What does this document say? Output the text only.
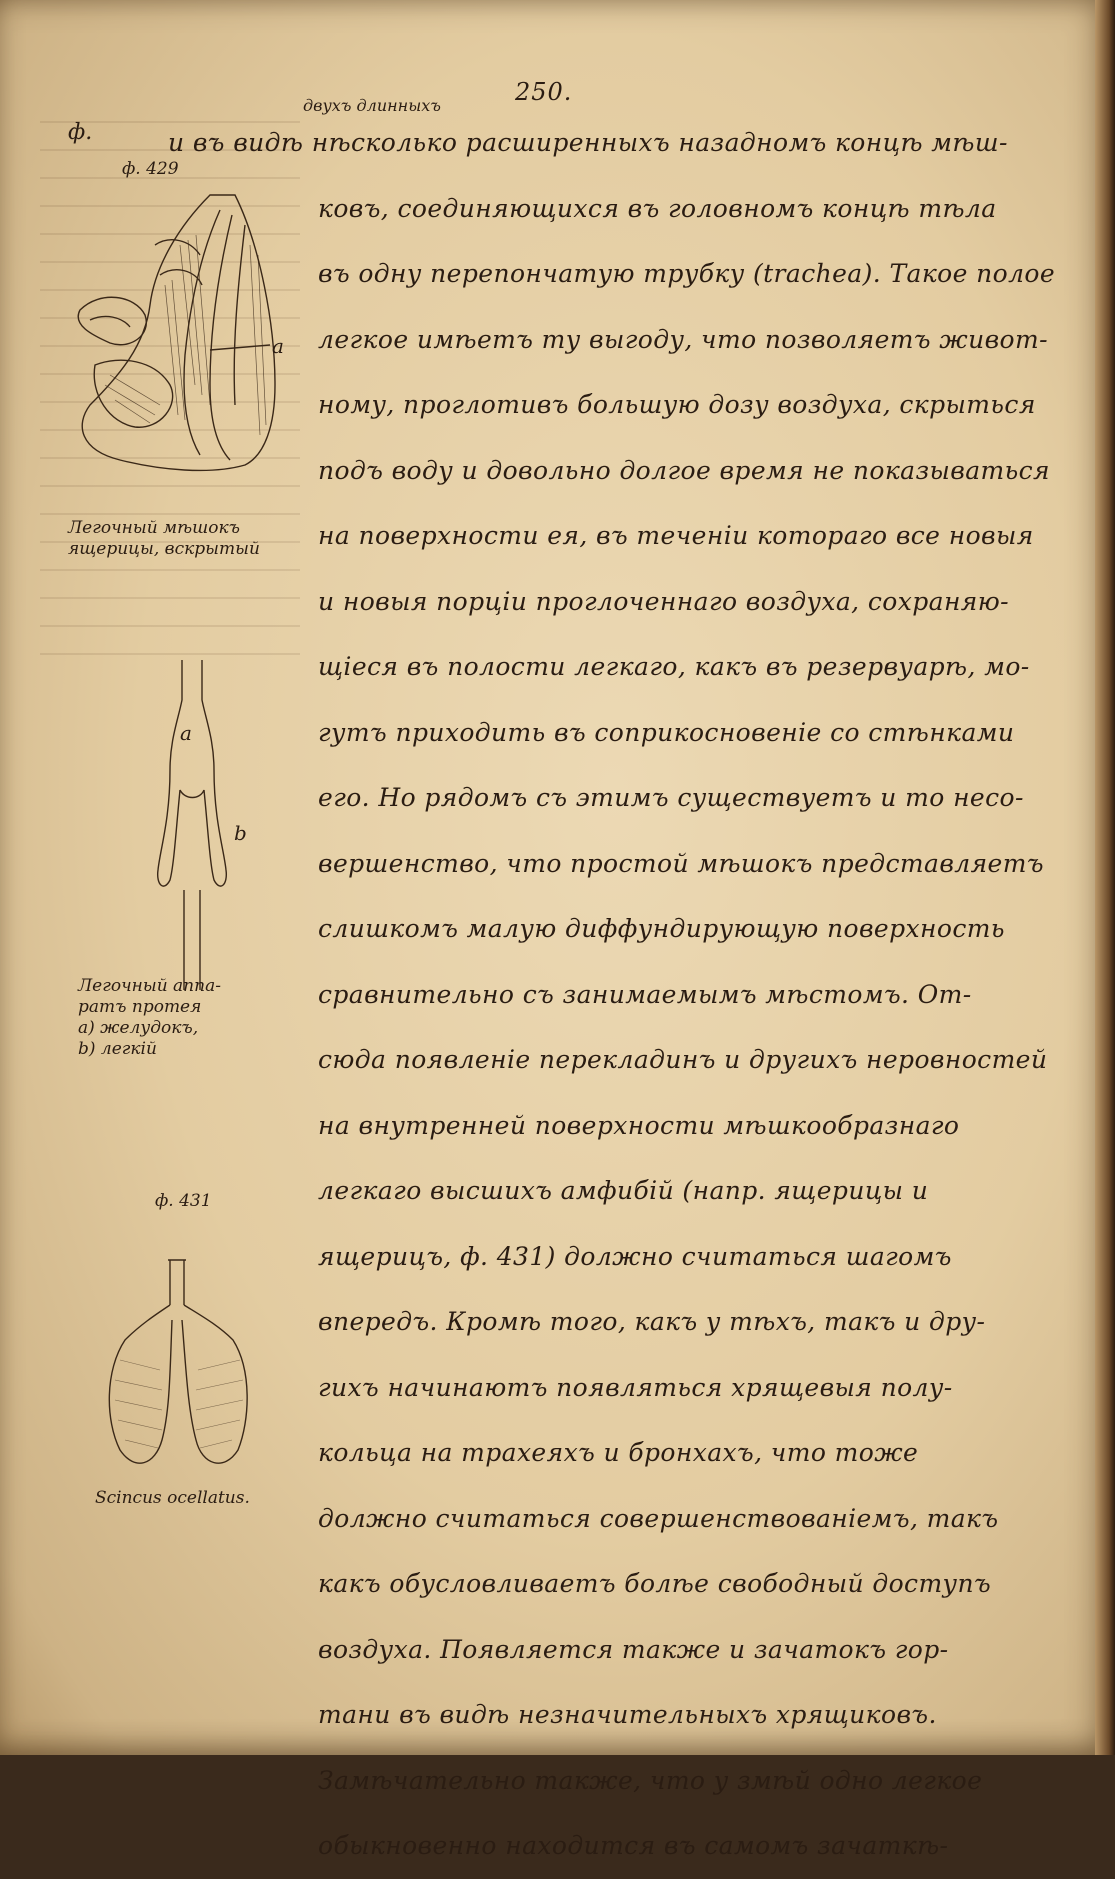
250.
ф.
двухъ длинныхъ
ф. 429
a
Легочный мѣшокъ
ящерицы, вскрытый
a
b
Легочный аппа-
ратъ протея
a) желудокъ,
b) легкій
ф. 431
Scincus ocellatus.
и въ видѣ нѣсколько расширенныхъ назадномъ концѣ мѣш-
ковъ, соединяющихся въ головномъ концѣ тѣла
въ одну перепончатую трубку (trachea). Такое полое
легкое имѣетъ ту выгоду, что позволяетъ живот-
ному, проглотивъ большую дозу воздуха, скрыться
подъ воду и довольно долгое время не показываться
на поверхности ея, въ теченіи котораго все новыя
и новыя порціи проглоченнаго воздуха, сохраняю-
щiеся въ полости легкаго, какъ въ резервуарѣ, мо-
гутъ приходить въ соприкосновеніе со стѣнками
его. Но рядомъ съ этимъ существуетъ и то несо-
вершенство, что простой мѣшокъ представляетъ
слишкомъ малую диффундирующую поверхность
сравнительно съ занимаемымъ мѣстомъ. От-
сюда появленіе перекладинъ и другихъ неровностей
на внутренней поверхности мѣшкообразнаго
легкаго высшихъ амфибій (напр. ящерицы и
ящерицъ, ф. 431) должно считаться шагомъ
впередъ. Кромѣ того, какъ у тѣхъ, такъ и дру-
гихъ начинаютъ появляться хрящевыя полу-
кольца на трахеяхъ и бронхахъ, что тоже
должно считаться совершенствованіемъ, такъ
какъ обусловливаетъ болѣе свободный доступъ
воздуха. Появляется также и зачатокъ гор-
тани въ видѣ незначительныхъ хрящиковъ.
Замѣчательно также, что у змѣй одно легкое
обыкновенно находится въ самомъ зачаткѣ-
